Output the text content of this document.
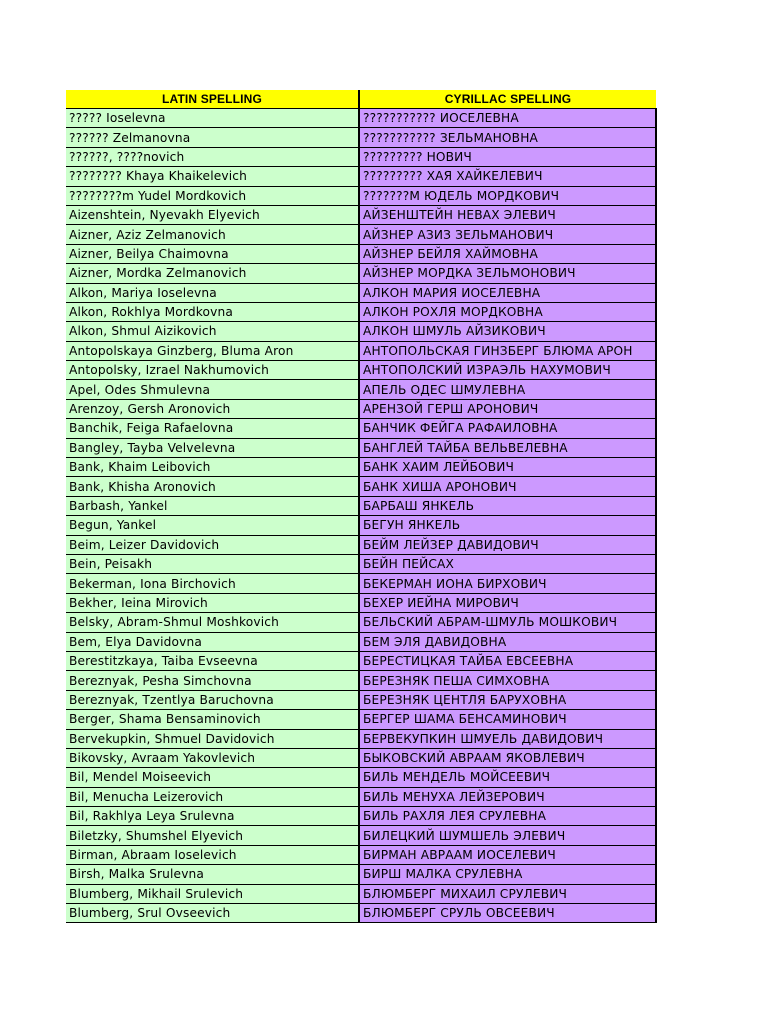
LATIN SPELLING	CYRILLAC SPELLING
????? Ioselevna	??????????? ИОСЕЛЕВНА
?????? Zelmanovna	??????????? ЗЕЛЬМАНОВНА
??????, ????novich	????????? НОВИЧ
???????? Khaya Khaikelevich	????????? ХАЯ ХАЙКЕЛЕВИЧ
????????m Yudel Mordkovich	???????М ЮДЕЛЬ МОРДКОВИЧ
Aizenshtein, Nyevakh Elyevich	АЙЗЕНШТЕЙН НЕВАХ ЭЛЕВИЧ
Aizner, Aziz Zelmanovich	АЙЗНЕР АЗИЗ ЗЕЛЬМАНОВИЧ
Aizner, Beilya Chaimovna	АЙЗНЕР БЕЙЛЯ ХАЙМОВНА
Aizner, Mordka Zelmanovich	АЙЗНЕР МОРДКА ЗЕЛЬМОНОВИЧ
Alkon, Mariya Ioselevna	АЛКОН МАРИЯ ИОСЕЛЕВНА
Alkon, Rokhlya Mordkovna	АЛКОН РОХЛЯ МОРДКОВНА
Alkon, Shmul Aizikovich	АЛКОН ШМУЛЬ АЙЗИКОВИЧ
Antopolskaya Ginzberg, Bluma Aron	АНТОПОЛЬСКАЯ ГИНЗБЕРГ БЛЮМА АРОН
Antopolsky, Izrael Nakhumovich	АНТОПОЛСКИЙ ИЗРАЭЛЬ НАХУМОВИЧ
Apel, Odes Shmulevna	АПЕЛЬ ОДЕС ШМУЛЕВНА
Arenzoy, Gersh Aronovich	АРЕНЗОЙ ГЕРШ АРОНОВИЧ
Banchik, Feiga Rafaelovna	БАНЧИК ФЕЙГА РАФАИЛОВНА
Bangley, Tayba Velvelevna	БАНГЛЕЙ ТАЙБА ВЕЛЬВЕЛЕВНА
Bank, Khaim Leibovich	БАНК ХАИМ ЛЕЙБОВИЧ
Bank, Khisha Aronovich	БАНК ХИША АРОНОВИЧ
Barbash, Yankel	БАРБАШ ЯНКЕЛЬ
Begun, Yankel	БЕГУН ЯНКЕЛЬ
Beim, Leizer Davidovich	БЕЙМ ЛЕЙЗЕР ДАВИДОВИЧ
Bein, Peisakh	БЕЙН ПЕЙСАХ
Bekerman, Iona Birchovich	БЕКЕРМАН ИОНА БИРХОВИЧ
Bekher, Ieina Mirovich	БЕХЕР ИЕЙНА МИРОВИЧ
Belsky, Abram-Shmul Moshkovich	БЕЛЬСКИЙ АБРАМ-ШМУЛЬ МОШКОВИЧ
Bem, Elya Davidovna	БЕМ ЭЛЯ ДАВИДОВНА
Berestitzkaya, Taiba Evseevna	БЕРЕСТИЦКАЯ ТАЙБА ЕВСЕЕВНА
Bereznyak, Pesha Simchovna	БЕРЕЗНЯК ПЕША СИМХОВНА
Bereznyak, Tzentlya Baruchovna	БЕРЕЗНЯК ЦЕНТЛЯ БАРУХОВНА
Berger, Shama Bensaminovich	БЕРГЕР ШАМА БЕНСАМИНОВИЧ
Bervekupkin, Shmuel Davidovich	БЕРВЕКУПКИН ШМУЕЛЬ ДАВИДОВИЧ
Bikovsky, Avraam Yakovlevich	БЫКОВСКИЙ АВРААМ ЯКОВЛЕВИЧ
Bil, Mendel Moiseevich	БИЛЬ МЕНДЕЛЬ МОЙСЕЕВИЧ
Bil, Menucha Leizerovich	БИЛЬ МЕНУХА ЛЕЙЗЕРОВИЧ
Bil, Rakhlya Leya Srulevna	БИЛЬ РАХЛЯ ЛЕЯ СРУЛЕВНА
Biletzky, Shumshel Elyevich	БИЛЕЦКИЙ ШУМШЕЛЬ ЭЛЕВИЧ
Birman, Abraam Ioselevich	БИРМАН АВРААМ ИОСЕЛЕВИЧ
Birsh, Malka Srulevna	БИРШ МАЛКА СРУЛЕВНА
Blumberg, Mikhail Srulevich	БЛЮМБЕРГ МИХАИЛ СРУЛЕВИЧ
Blumberg, Srul Ovseevich	БЛЮМБЕРГ СРУЛЬ ОВСЕЕВИЧ
